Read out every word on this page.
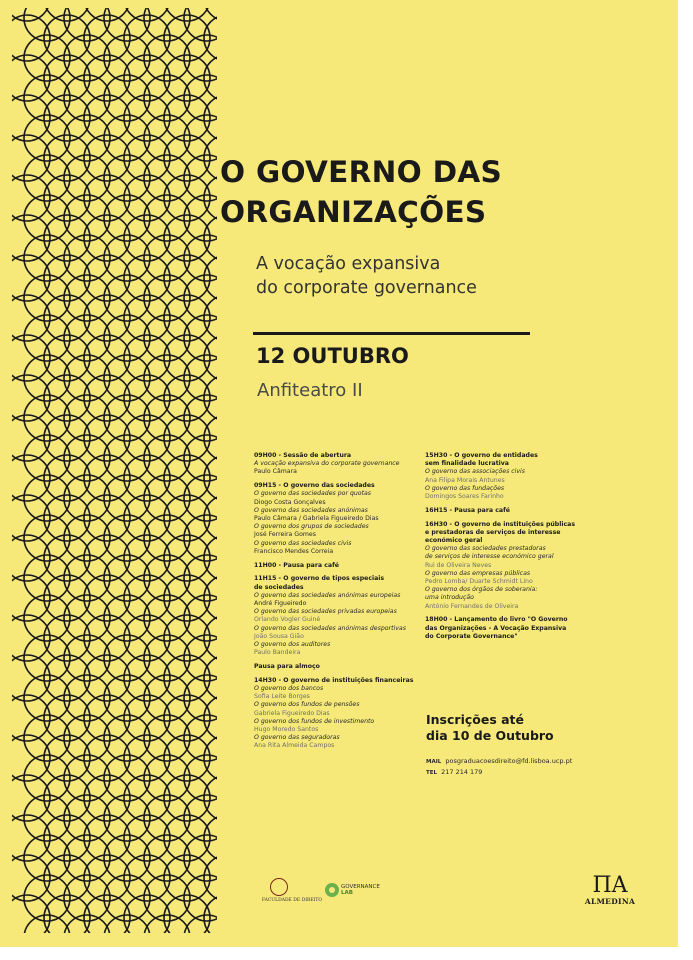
O GOVERNO DAS
ORGANIZAÇÕES
A vocação expansiva
do corporate governance
12 OUTUBRO
Anfiteatro II
09H00 - Sessão de abertura
A vocação expansiva do corporate governance
Paulo Câmara
09H15 - O governo das sociedades
O governo das sociedades por quotas
Diogo Costa Gonçalves
O governo das sociedades anónimas
Paulo Câmara / Gabriela Figueiredo Dias
O governo dos grupos de sociedades
José Ferreira Gomes
O governo das sociedades civis
Francisco Mendes Correia
11H00 - Pausa para café
11H15 - O governo de tipos especiais
de sociedades
O governo das sociedades anónimas europeias
André Figueiredo
O governo das sociedades privadas europeias
Orlando Vogler Guiné
O governo das sociedades anónimas desportivas
João Sousa Gião
O governo dos auditores
Paulo Bandeira
Pausa para almoço
14H30 - O governo de instituições financeiras
O governo dos bancos
Sofia Leite Borges
O governo dos fundos de pensões
Gabriela Figueiredo Dias
O governo dos fundos de investimento
Hugo Moredo Santos
O governo das seguradoras
Ana Rita Almeida Campos
15H30 - O governo de entidades
sem finalidade lucrativa
O governo das associações civis
Ana Filipa Morais Antunes
O governo das fundações
Domingos Soares Farinho
16H15 - Pausa para café
16H30 - O governo de instituições públicas
e prestadoras de serviços de interesse
económico geral
O governo das sociedades prestadoras
de serviços de interesse económico geral
Rui de Oliveira Neves
O governo das empresas públicas
Pedro Lomba/ Duarte Schmidt Lino
O governo dos órgãos de soberania:
uma introdução
António Fernandes de Oliveira
18H00 - Lançamento do livro "O Governo
das Organizações - A Vocação Expansiva
do Corporate Governance"
Inscrições até
dia 10 de Outubro
MAIL posgraduacoesdireito@fd.lisboa.ucp.pt
TEL 217 214 179
FACULDADE DE DIREITO
GOVERNANCE
LAB	ΠA
ALMEDINA
